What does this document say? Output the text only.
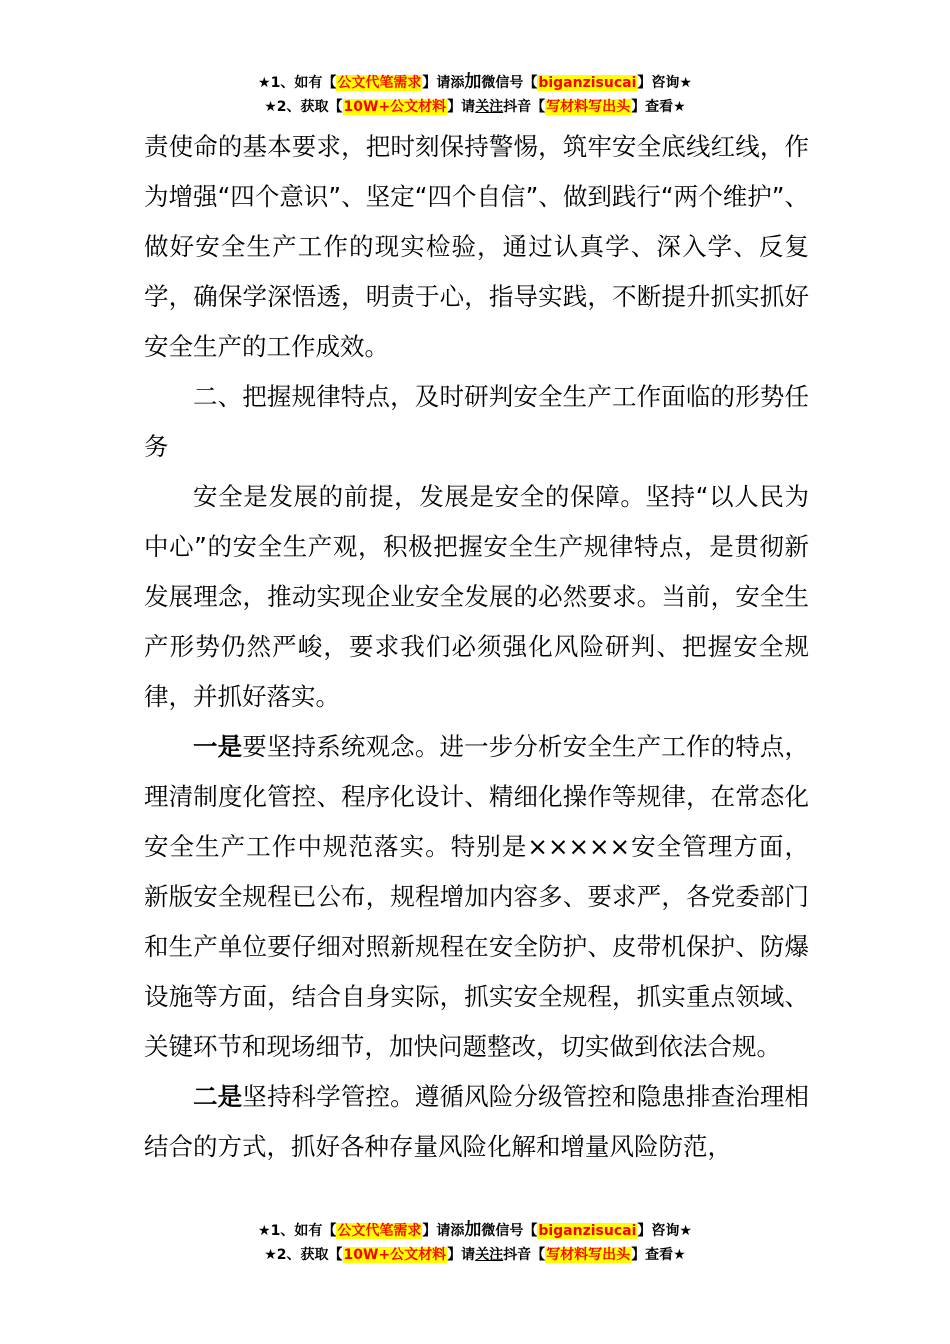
★1、如有【公文代笔需求】请添加微信号【biganzisucai】咨询★
★2、获取【10W+公文材料】请关注抖音【写材料写出头】查看★

责使命的基本要求，把时刻保持警惕，筑牢安全底线红线，作为增强“四个意识”、坚定“四个自信”、做到践行“两个维护”、做好安全生产工作的现实检验，通过认真学、深入学、反复学，确保学深悟透，明责于心，指导实践，不断提升抓实抓好安全生产的工作成效。

二、把握规律特点，及时研判安全生产工作面临的形势任务

安全是发展的前提，发展是安全的保障。坚持“以人民为中心”的安全生产观，积极把握安全生产规律特点，是贯彻新发展理念，推动实现企业安全发展的必然要求。当前，安全生产形势仍然严峻，要求我们必须强化风险研判、把握安全规律，并抓好落实。

一是要坚持系统观念。进一步分析安全生产工作的特点，理清制度化管控、程序化设计、精细化操作等规律，在常态化安全生产工作中规范落实。特别是×××××安全管理方面，新版安全规程已公布，规程增加内容多、要求严，各党委部门和生产单位要仔细对照新规程在安全防护、皮带机保护、防爆设施等方面，结合自身实际，抓实安全规程，抓实重点领域、关键环节和现场细节，加快问题整改，切实做到依法合规。

二是坚持科学管控。遵循风险分级管控和隐患排查治理相结合的方式，抓好各种存量风险化解和增量风险防范，

★1、如有【公文代笔需求】请添加微信号【biganzisucai】咨询★
★2、获取【10W+公文材料】请关注抖音【写材料写出头】查看★
